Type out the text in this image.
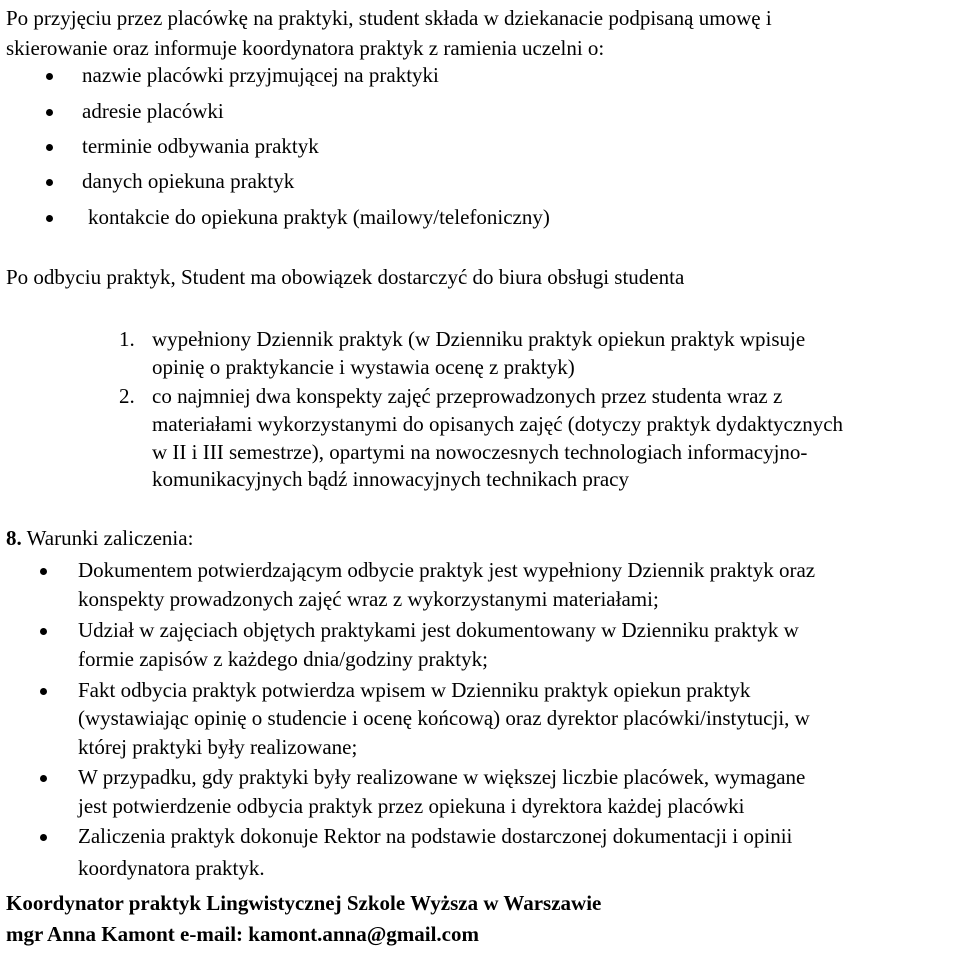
Po przyjęciu przez placówkę na praktyki, student składa w dziekanacie podpisaną umowę i
skierowanie oraz informuje koordynatora praktyk z ramienia uczelni o:
nazwie placówki przyjmującej na praktyki
adresie placówki
terminie odbywania praktyk
danych opiekuna praktyk
kontakcie do opiekuna praktyk (mailowy/telefoniczny)
Po odbyciu praktyk, Student ma obowiązek dostarczyć do biura obsługi studenta
1. wypełniony Dziennik praktyk (w Dzienniku praktyk opiekun praktyk wpisuje
opinię o praktykancie i wystawia ocenę z praktyk)
2. co najmniej dwa konspekty zajęć przeprowadzonych przez studenta wraz z
materiałami wykorzystanymi do opisanych zajęć (dotyczy praktyk dydaktycznych
w II i III semestrze), opartymi na nowoczesnych technologiach informacyjno-
komunikacyjnych bądź innowacyjnych technikach pracy
8. Warunki zaliczenia:
Dokumentem potwierdzającym odbycie praktyk jest wypełniony Dziennik praktyk oraz
konspekty prowadzonych zajęć wraz z wykorzystanymi materiałami;
Udział w zajęciach objętych praktykami jest dokumentowany w Dzienniku praktyk w
formie zapisów z każdego dnia/godziny praktyk;
Fakt odbycia praktyk potwierdza wpisem w Dzienniku praktyk opiekun praktyk
(wystawiając opinię o studencie i ocenę końcową) oraz dyrektor placówki/instytucji, w
której praktyki były realizowane;
W przypadku, gdy praktyki były realizowane w większej liczbie placówek, wymagane
jest potwierdzenie odbycia praktyk przez opiekuna i dyrektora każdej placówki
Zaliczenia praktyk dokonuje Rektor na podstawie dostarczonej dokumentacji i opinii
koordynatora praktyk.
Koordynator praktyk Lingwistycznej Szkole Wyższa w Warszawie
mgr Anna Kamont e-mail: kamont.anna@gmail.com
